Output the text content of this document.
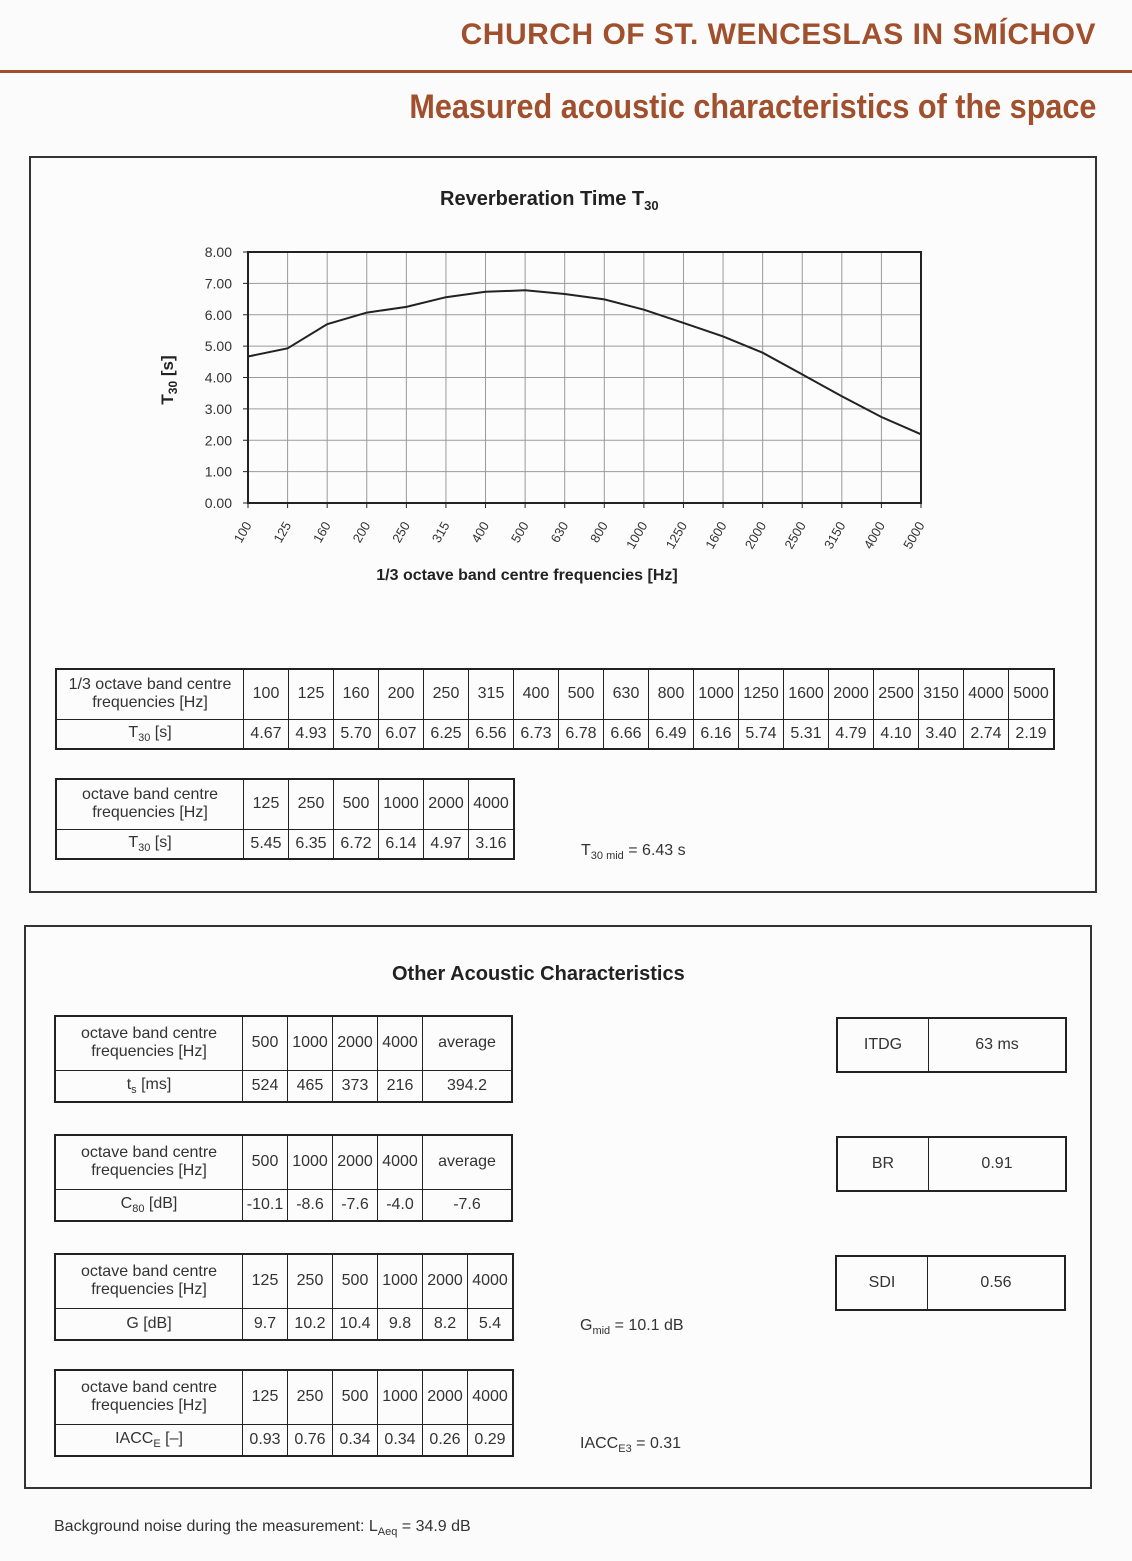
CHURCH OF ST. WENCESLAS IN SMÍCHOV
Measured acoustic characteristics of the space
Reverberation Time $T_{30}$
0.00
1.00
2.00
3.00
4.00
5.00
6.00
7.00
8.00
100 125 160 200 250 315 400 500 630 800 1000 1250 1600 2000 2500 3150 4000 5000
$T_{30}$ [s]
1/3 octave band centre frequencies [Hz]
1/3 octave band centre frequencies [Hz]	100	125	160	200	250	315	400	500	630	800	1000	1250	1600	2000	2500	3150	4000	5000
$T_{30}$ [s]	4.67	4.93	5.70	6.07	6.25	6.56	6.73	6.78	6.66	6.49	6.16	5.74	5.31	4.79	4.10	3.40	2.74	2.19
octave band centre frequencies [Hz]	125	250	500	1000	2000	4000
$T_{30}$ [s]	5.45	6.35	6.72	6.14	4.97	3.16	$T_{30 mid} = 6.43$ s
Other Acoustic Characteristics
octave band centre frequencies [Hz]	500	1000	2000	4000	average
$t_s$ [ms]	524	465	373	216	394.2
octave band centre frequencies [Hz]	500	1000	2000	4000	average
$C_{80}$ [dB]	-10.1	-8.6	-7.6	-4.0	-7.6
octave band centre frequencies [Hz]	125	250	500	1000	2000	4000
G [dB]	9.7	10.2	10.4	9.8	8.2	5.4	$G_{mid} = 10.1$ dB
octave band centre frequencies [Hz]	125	250	500	1000	2000	4000
$IACC_E$ [–]	0.93	0.76	0.34	0.34	0.26	0.29	$IACC_{E3} = 0.31$
ITDG	63 ms
BR	0.91
SDI	0.56
Background noise during the measurement: $L_{Aeq} = 34.9$ dB
